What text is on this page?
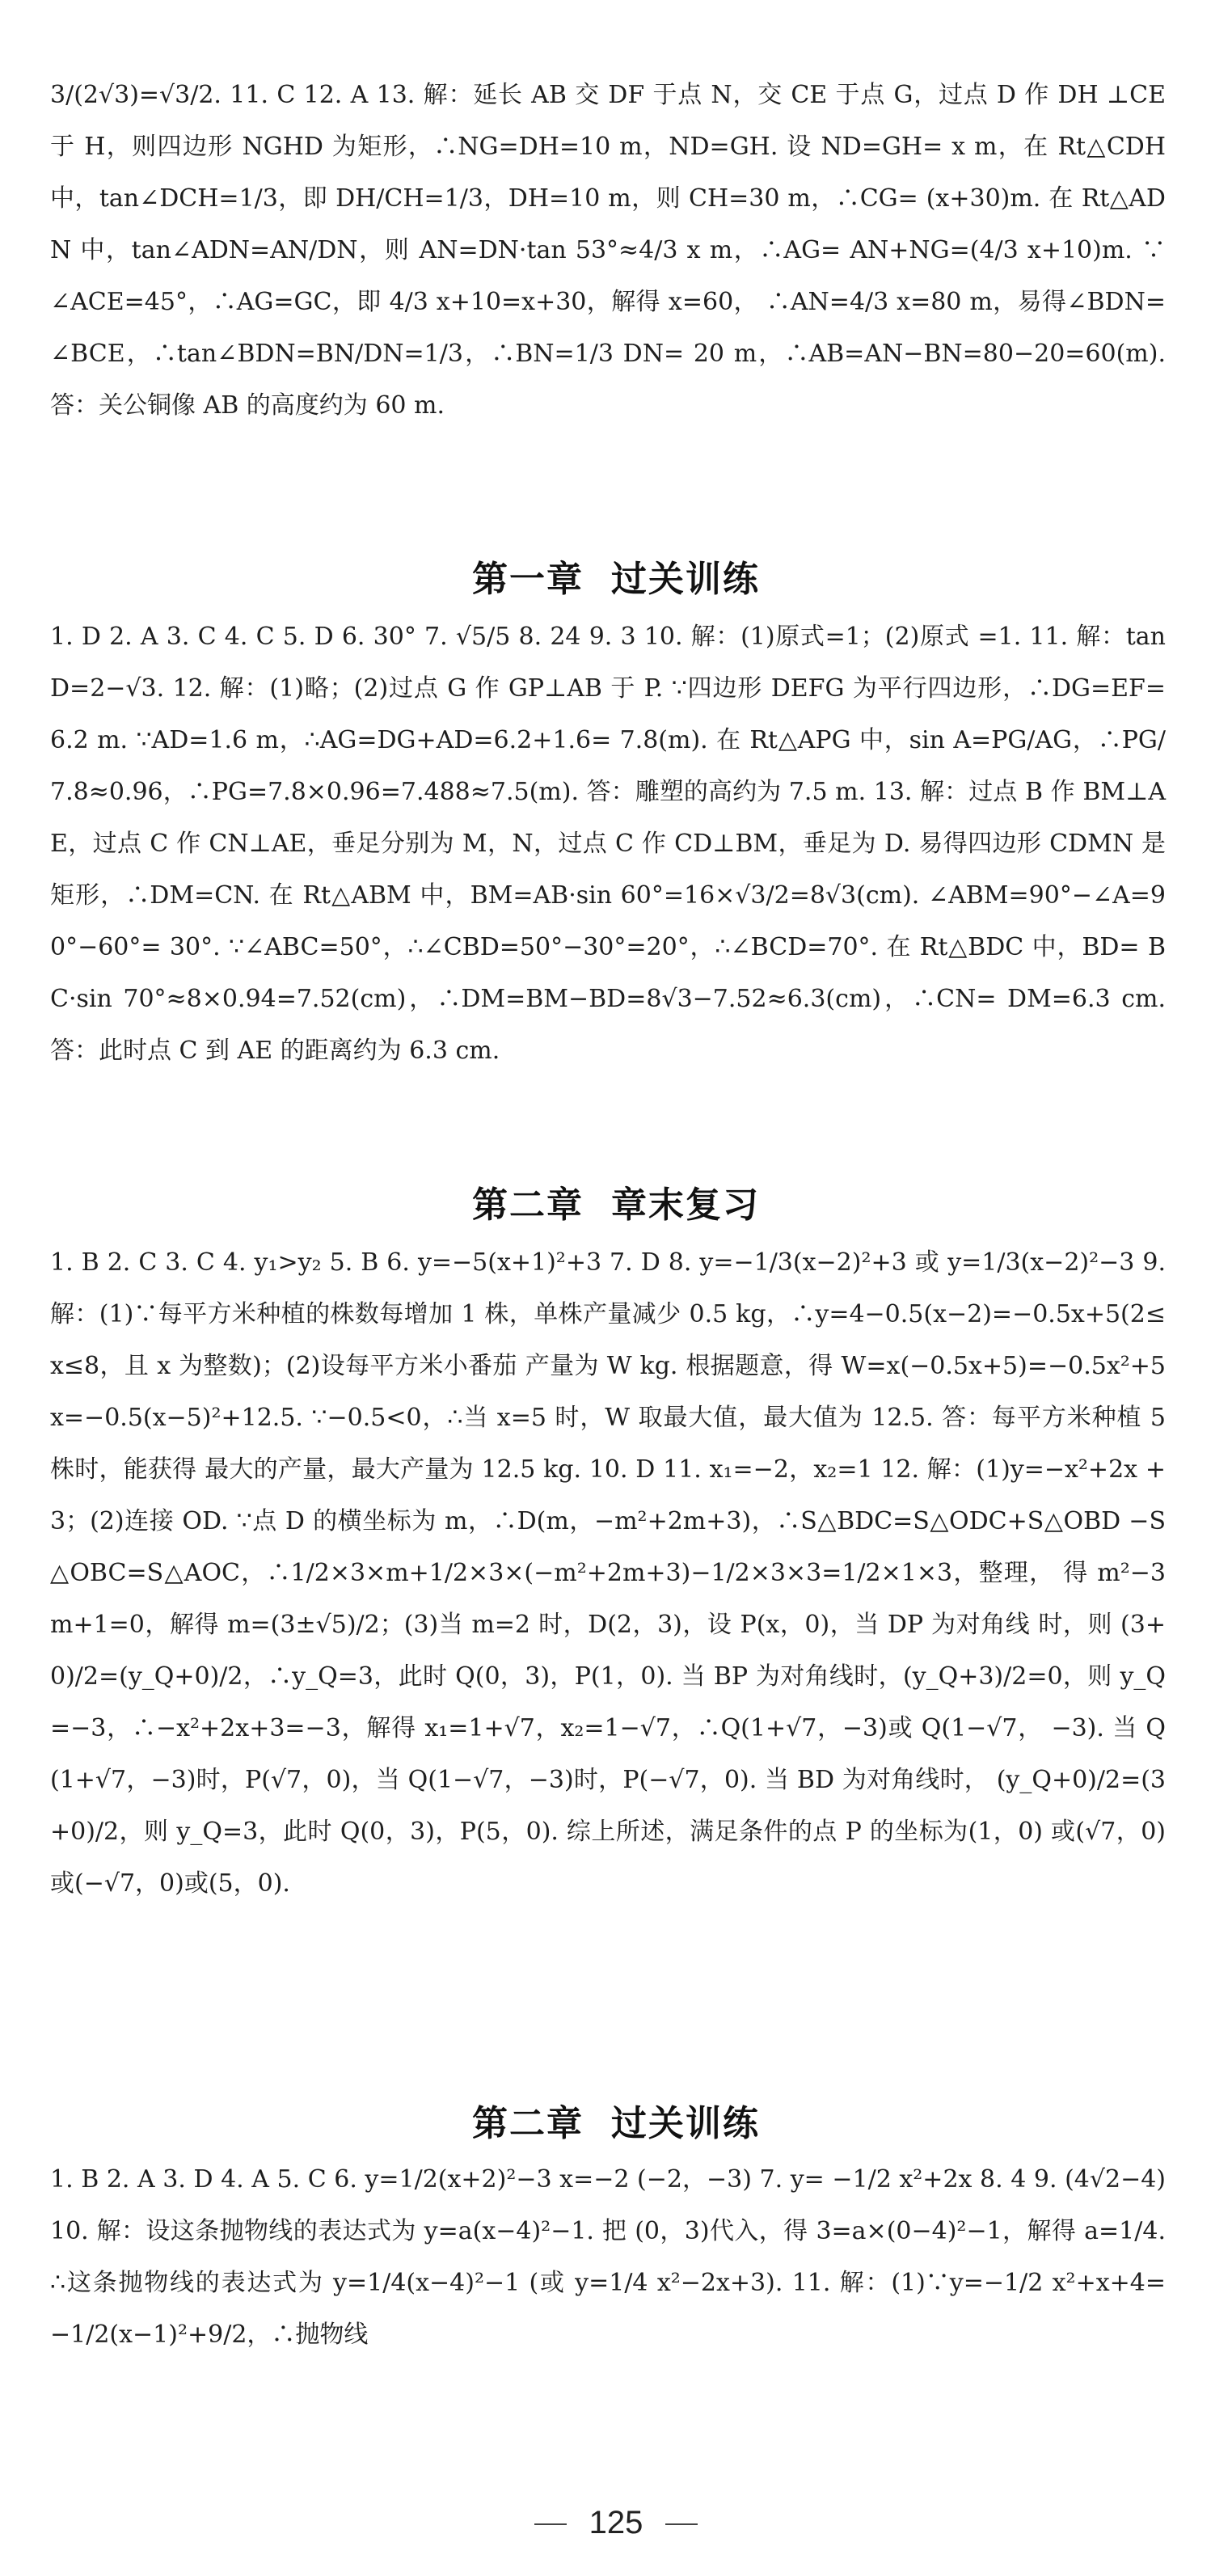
3/(2√3)=√3/2. 11. C 12. A 13. 解：延长 AB 交 DF 于点 N，交 CE 于点 G，过点 D 作 DH ⊥CE 于 H，则四边形 NGHD 为矩形，∴NG=DH=10 m，ND=GH. 设 ND=GH= x m，在 Rt△CDH 中，tan∠DCH=1/3，即 DH/CH=1/3，DH=10 m，则 CH=30 m，∴CG= (x+30)m. 在 Rt△ADN 中，tan∠ADN=AN/DN，则 AN=DN·tan 53°≈4/3 x m，∴AG= AN+NG=(4/3 x+10)m. ∵∠ACE=45°，∴AG=GC，即 4/3 x+10=x+30，解得 x=60， ∴AN=4/3 x=80 m，易得∠BDN=∠BCE，∴tan∠BDN=BN/DN=1/3，∴BN=1/3 DN= 20 m，∴AB=AN−BN=80−20=60(m). 答：关公铜像 AB 的高度约为 60 m.
第一章 过关训练
1. D 2. A 3. C 4. C 5. D 6. 30° 7. √5/5 8. 24 9. 3 10. 解：(1)原式=1；(2)原式 =1. 11. 解：tan D=2−√3. 12. 解：(1)略；(2)过点 G 作 GP⊥AB 于 P. ∵四边形 DEFG 为平行四边形，∴DG=EF=6.2 m. ∵AD=1.6 m，∴AG=DG+AD=6.2+1.6= 7.8(m). 在 Rt△APG 中，sin A=PG/AG，∴PG/7.8≈0.96，∴PG=7.8×0.96=7.488≈7.5(m). 答：雕塑的高约为 7.5 m. 13. 解：过点 B 作 BM⊥AE，过点 C 作 CN⊥AE，垂足分别为 M，N，过点 C 作 CD⊥BM，垂足为 D. 易得四边形 CDMN 是矩形，∴DM=CN. 在 Rt△ABM 中，BM=AB·sin 60°=16×√3/2=8√3(cm). ∠ABM=90°−∠A=90°−60°= 30°. ∵∠ABC=50°，∴∠CBD=50°−30°=20°，∴∠BCD=70°. 在 Rt△BDC 中，BD= BC·sin 70°≈8×0.94=7.52(cm)，∴DM=BM−BD=8√3−7.52≈6.3(cm)，∴CN= DM=6.3 cm. 答：此时点 C 到 AE 的距离约为 6.3 cm.
第二章 章末复习
1. B 2. C 3. C 4. y₁>y₂ 5. B 6. y=−5(x+1)²+3 7. D 8. y=−1/3(x−2)²+3 或 y=1/3(x−2)²−3 9. 解：(1)∵每平方米种植的株数每增加 1 株，单株产量减少 0.5 kg，∴y=4−0.5(x−2)=−0.5x+5(2≤x≤8，且 x 为整数)；(2)设每平方米小番茄 产量为 W kg. 根据题意，得 W=x(−0.5x+5)=−0.5x²+5x=−0.5(x−5)²+12.5. ∵−0.5<0，∴当 x=5 时，W 取最大值，最大值为 12.5. 答：每平方米种植 5 株时，能获得 最大的产量，最大产量为 12.5 kg. 10. D 11. x₁=−2，x₂=1 12. 解：(1)y=−x²+2x +3；(2)连接 OD. ∵点 D 的横坐标为 m，∴D(m，−m²+2m+3)，∴S△BDC=S△ODC+S△OBD −S△OBC=S△AOC，∴1/2×3×m+1/2×3×(−m²+2m+3)−1/2×3×3=1/2×1×3，整理， 得 m²−3m+1=0，解得 m=(3±√5)/2；(3)当 m=2 时，D(2，3)，设 P(x，0)，当 DP 为对角线 时，则 (3+0)/2=(y_Q+0)/2，∴y_Q=3，此时 Q(0，3)，P(1，0). 当 BP 为对角线时，(y_Q+3)/2=0，则 y_Q =−3，∴−x²+2x+3=−3，解得 x₁=1+√7，x₂=1−√7，∴Q(1+√7，−3)或 Q(1−√7， −3). 当 Q(1+√7，−3)时，P(√7，0)，当 Q(1−√7，−3)时，P(−√7，0). 当 BD 为对角线时， (y_Q+0)/2=(3+0)/2，则 y_Q=3，此时 Q(0，3)，P(5，0). 综上所述，满足条件的点 P 的坐标为(1，0) 或(√7，0)或(−√7，0)或(5，0).
第二章 过关训练
1. B 2. A 3. D 4. A 5. C 6. y=1/2(x+2)²−3 x=−2 (−2，−3) 7. y= −1/2 x²+2x 8. 4 9. (4√2−4) 10. 解：设这条抛物线的表达式为 y=a(x−4)²−1. 把 (0，3)代入，得 3=a×(0−4)²−1，解得 a=1/4. ∴这条抛物线的表达式为 y=1/4(x−4)²−1 (或 y=1/4 x²−2x+3). 11. 解：(1)∵y=−1/2 x²+x+4=−1/2(x−1)²+9/2，∴抛物线
125
